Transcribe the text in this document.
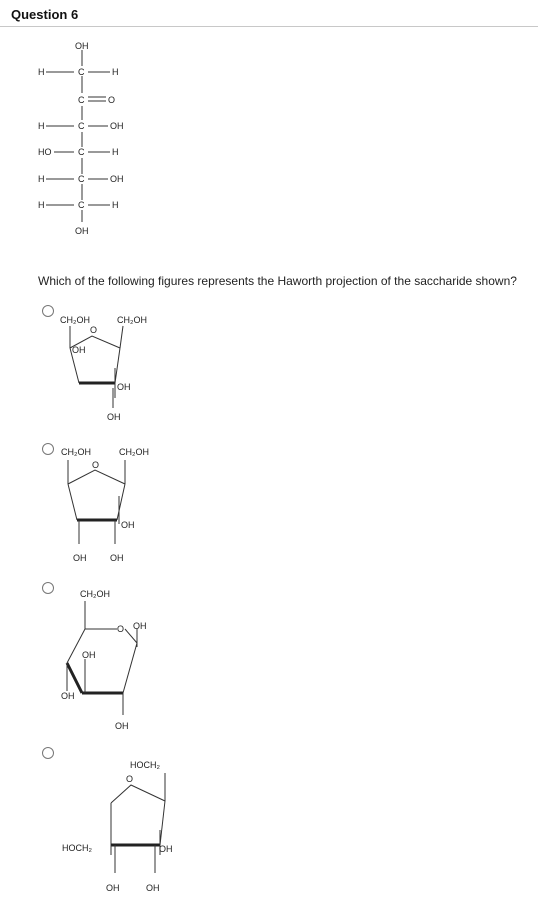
Question 6
OH
H	C	H
C	O
H	C	OH
HO	C	H
H	C	OH
H	C	H
OH
Which of the following figures represents the Haworth projection of the saccharide shown?
CH₂OH	CH₂OH
O
OH
OH
OH
CH₂OH	CH₂OH
O
OH
OH	OH
CH₂OH
O OH
OH
OH
OH
HOCH₂
O
HOCH₂	OH
OH	OH
